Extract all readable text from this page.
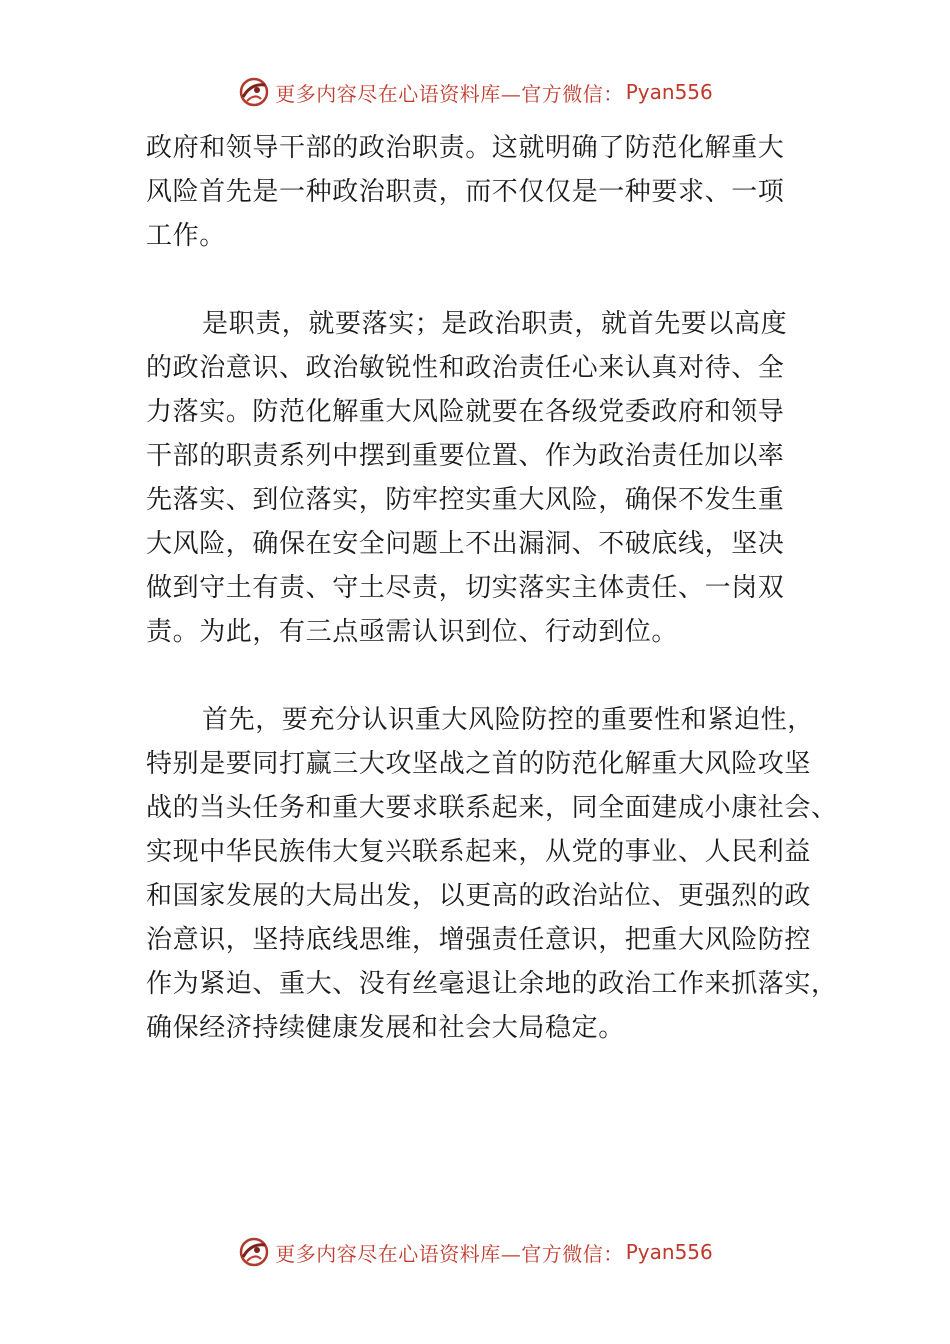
更多内容尽在心语资料库—官方微信： Pyan556

政府和领导干部的政治职责。这就明确了防范化解重大
风险首先是一种政治职责，而不仅仅是一种要求、一项
工作。

是职责，就要落实；是政治职责，就首先要以高度
的政治意识、政治敏锐性和政治责任心来认真对待、全
力落实。防范化解重大风险就要在各级党委政府和领导
干部的职责系列中摆到重要位置、作为政治责任加以率
先落实、到位落实，防牢控实重大风险，确保不发生重
大风险，确保在安全问题上不出漏洞、不破底线，坚决
做到守土有责、守土尽责，切实落实主体责任、一岗双
责。为此，有三点亟需认识到位、行动到位。

首先，要充分认识重大风险防控的重要性和紧迫性，
特别是要同打赢三大攻坚战之首的防范化解重大风险攻坚
战的当头任务和重大要求联系起来，同全面建成小康社会、
实现中华民族伟大复兴联系起来，从党的事业、人民利益
和国家发展的大局出发，以更高的政治站位、更强烈的政
治意识，坚持底线思维，增强责任意识，把重大风险防控
作为紧迫、重大、没有丝毫退让余地的政治工作来抓落实，
确保经济持续健康发展和社会大局稳定。

更多内容尽在心语资料库—官方微信： Pyan556
